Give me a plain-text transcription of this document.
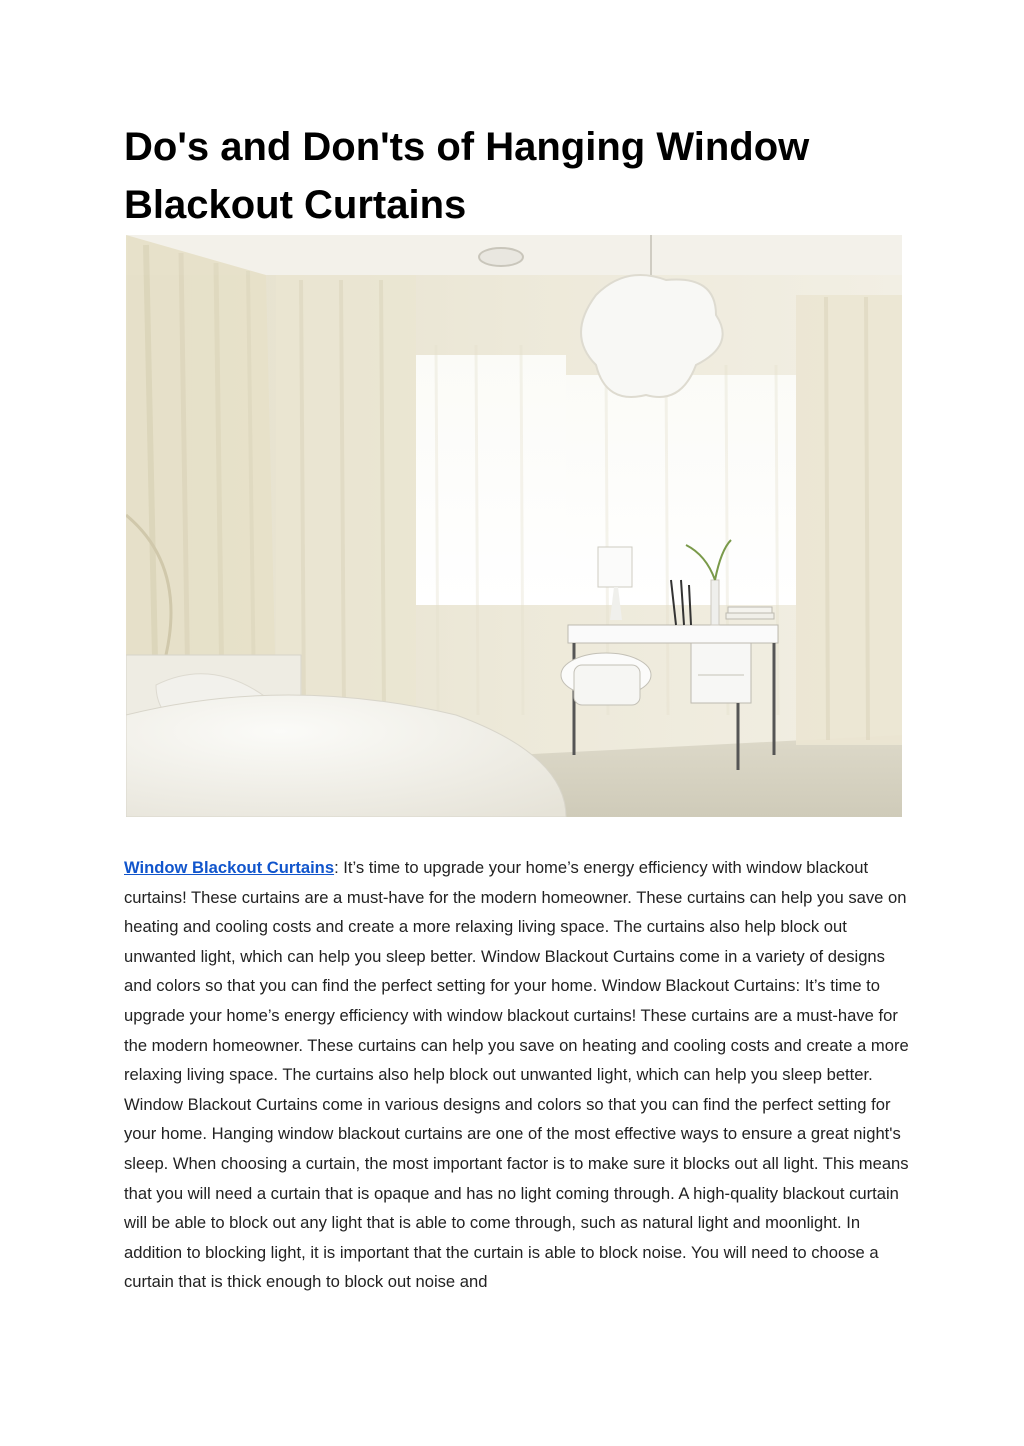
Do's and Don'ts of Hanging Window
Blackout Curtains

Window Blackout Curtains: It’s time to upgrade your home’s energy efficiency with window blackout curtains! These curtains are a must-have for the modern homeowner. These curtains can help you save on heating and cooling costs and create a more relaxing living space. The curtains also help block out unwanted light, which can help you sleep better. Window Blackout Curtains come in a variety of designs and colors so that you can find the perfect setting for your home. Window Blackout Curtains: It’s time to upgrade your home’s energy efficiency with window blackout curtains! These curtains are a must-have for the modern homeowner. These curtains can help you save on heating and cooling costs and create a more relaxing living space. The curtains also help block out unwanted light, which can help you sleep better. Window Blackout Curtains come in various designs and colors so that you can find the perfect setting for your home. Hanging window blackout curtains are one of the most effective ways to ensure a great night's sleep. When choosing a curtain, the most important factor is to make sure it blocks out all light. This means that you will need a curtain that is opaque and has no light coming through. A high-quality blackout curtain will be able to block out any light that is able to come through, such as natural light and moonlight. In addition to blocking light, it is important that the curtain is able to block noise. You will need to choose a curtain that is thick enough to block out noise and
